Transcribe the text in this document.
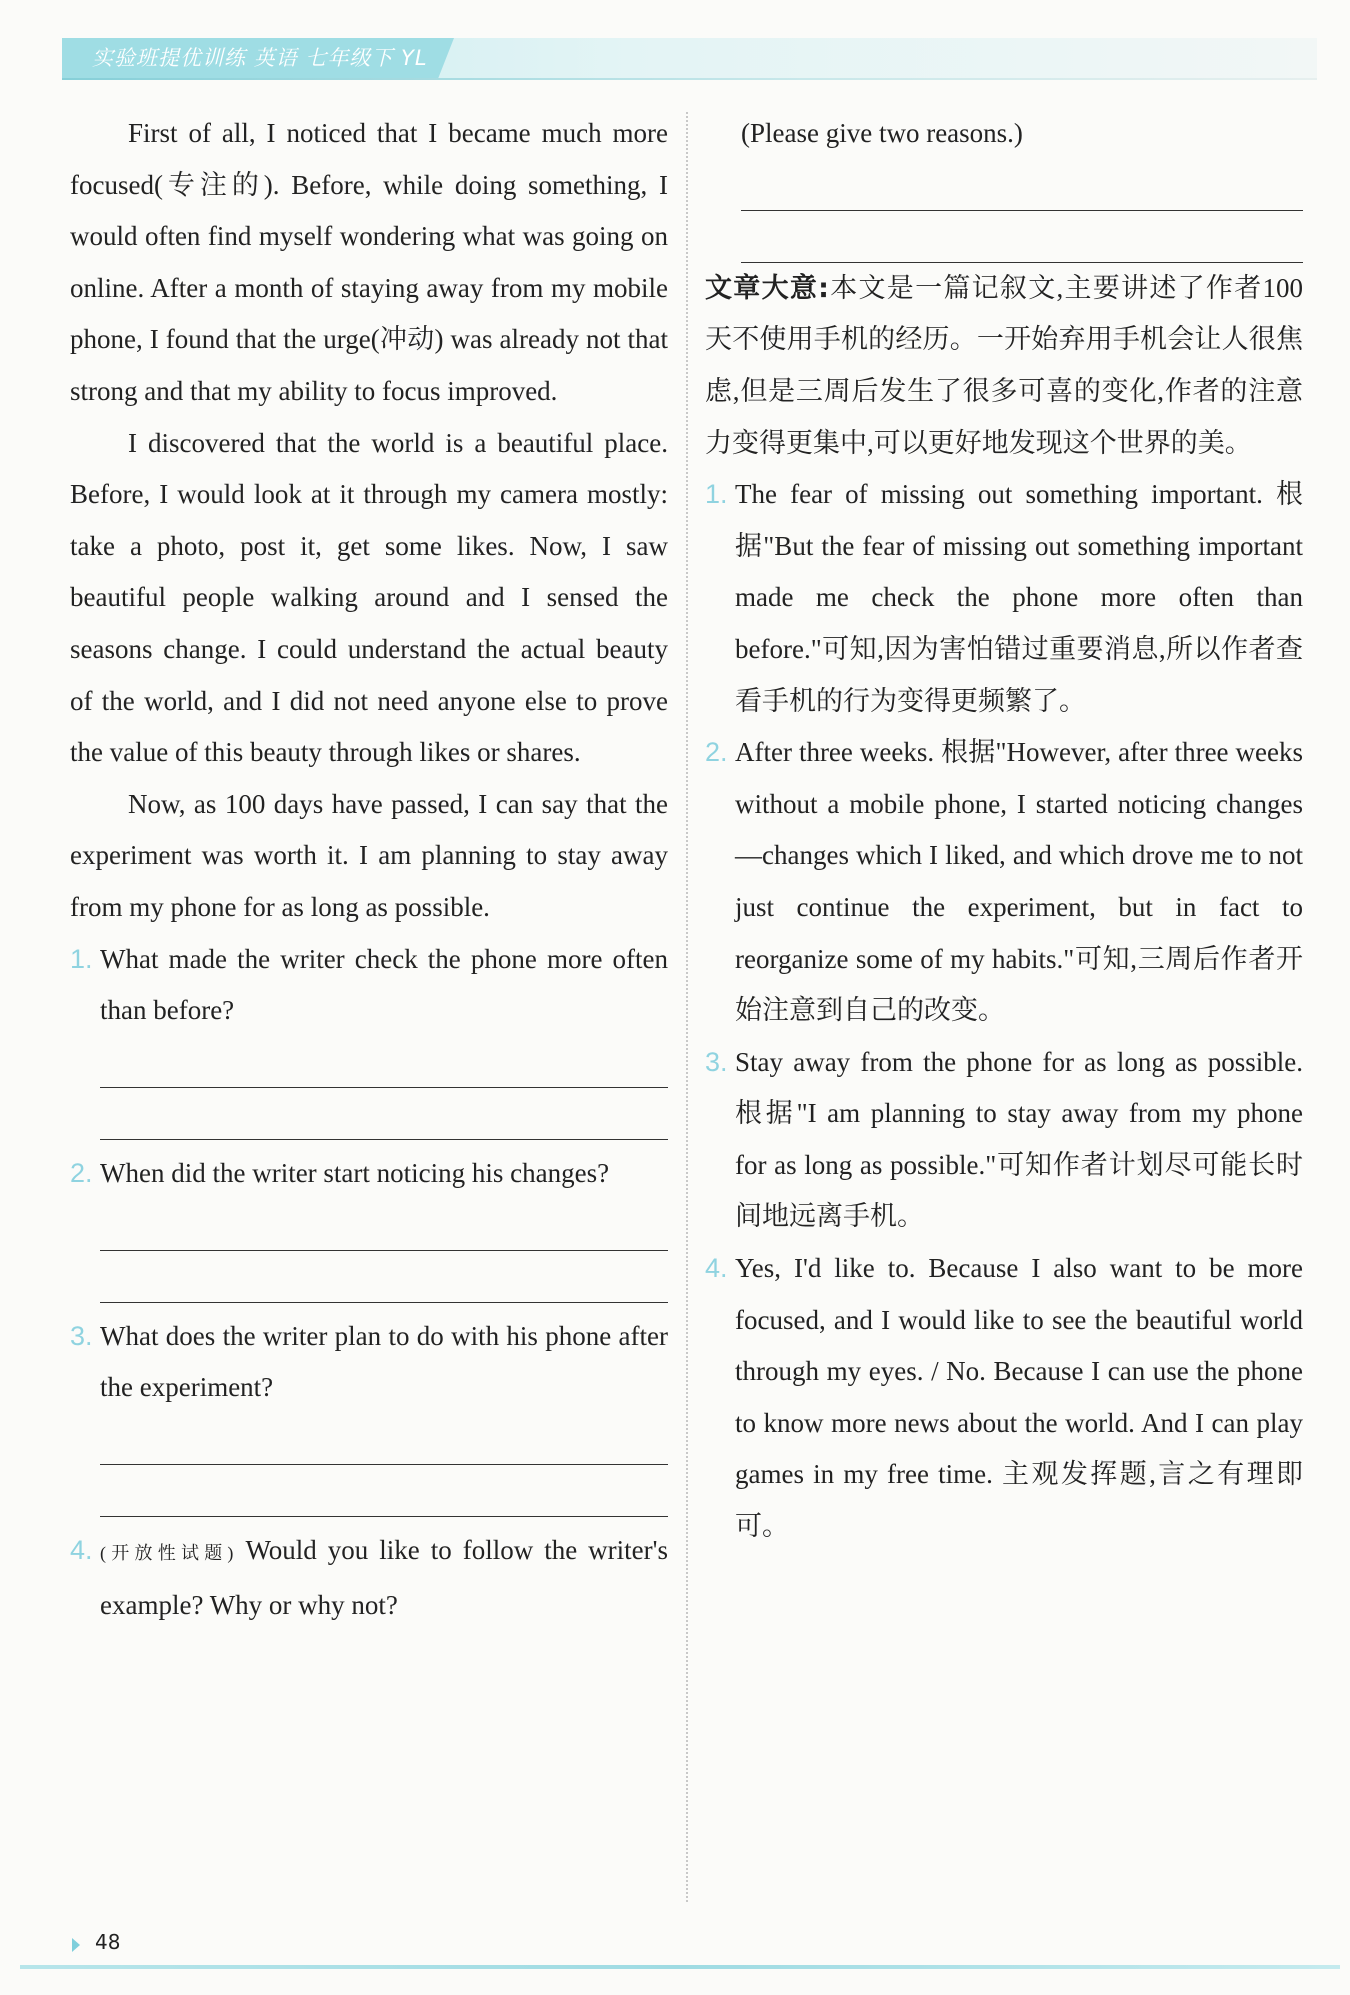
实验班提优训练 英语 七年级下 YL

First of all, I noticed that I became much more focused(专注的). Before, while doing something, I would often find myself wondering what was going on online. After a month of staying away from my mobile phone, I found that the urge(冲动) was already not that strong and that my ability to focus improved.

I discovered that the world is a beautiful place. Before, I would look at it through my camera mostly: take a photo, post it, get some likes. Now, I saw beautiful people walking around and I sensed the seasons change. I could understand the actual beauty of the world, and I did not need anyone else to prove the value of this beauty through likes or shares.

Now, as 100 days have passed, I can say that the experiment was worth it. I am planning to stay away from my phone for as long as possible.

1. What made the writer check the phone more often than before?
2. When did the writer start noticing his changes?
3. What does the writer plan to do with his phone after the experiment?
4. (开放性试题) Would you like to follow the writer's example? Why or why not?

(Please give two reasons.)

文章大意:本文是一篇记叙文,主要讲述了作者100天不使用手机的经历。一开始弃用手机会让人很焦虑,但是三周后发生了很多可喜的变化,作者的注意力变得更集中,可以更好地发现这个世界的美。

1. The fear of missing out something important. 根据"But the fear of missing out something important made me check the phone more often than before."可知,因为害怕错过重要消息,所以作者查看手机的行为变得更频繁了。
2. After three weeks. 根据"However, after three weeks without a mobile phone, I started noticing changes—changes which I liked, and which drove me to not just continue the experiment, but in fact to reorganize some of my habits."可知,三周后作者开始注意到自己的改变。
3. Stay away from the phone for as long as possible. 根据"I am planning to stay away from my phone for as long as possible."可知作者计划尽可能长时间地远离手机。
4. Yes, I'd like to. Because I also want to be more focused, and I would like to see the beautiful world through my eyes. / No. Because I can use the phone to know more news about the world. And I can play games in my free time. 主观发挥题,言之有理即可。
48
